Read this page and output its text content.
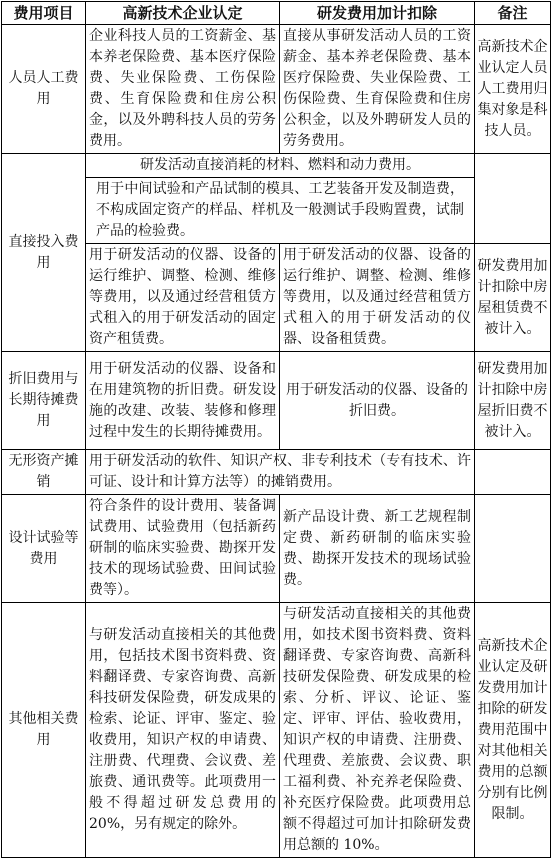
费用项目	高新技术企业认定	研发费用加计扣除	备注
人员人工费用	企业科技人员的工资薪金、基本养老保险费、基本医疗保险费、失业保险费、工伤保险费、生育保险费和住房公积金，以及外聘科技人员的劳务费用。	直接从事研发活动人员的工资薪金、基本养老保险费、基本医疗保险费、失业保险费、工伤保险费、生育保险费和住房公积金，以及外聘研发人员的劳务费用。	高新技术企业认定人员人工费用归集对象是科技人员。
直接投入费用	研发活动直接消耗的材料、燃料和动力费用。		
	用于中间试验和产品试制的模具、工艺装备开发及制造费，不构成固定资产的样品、样机及一般测试手段购置费，试制产品的检验费。		
	用于研发活动的仪器、设备的运行维护、调整、检测、维修等费用，以及通过经营租赁方式租入的用于研发活动的固定资产租赁费。	用于研发活动的仪器、设备的运行维护、调整、检测、维修等费用，以及通过经营租赁方式租入的用于研发活动的仪器、设备租赁费。	研发费用加计扣除中房屋租赁费不被计入。
折旧费用与长期待摊费用	用于研发活动的仪器、设备和在用建筑物的折旧费。研发设施的改建、改装、装修和修理过程中发生的长期待摊费用。	用于研发活动的仪器、设备的折旧费。	研发费用加计扣除中房屋折旧费不被计入。
无形资产摊销	用于研发活动的软件、知识产权、非专利技术（专有技术、许可证、设计和计算方法等）的摊销费用。		
设计试验等费用	符合条件的设计费用、装备调试费用、试验费用（包括新药研制的临床实验费、勘探开发技术的现场试验费、田间试验费等）。	新产品设计费、新工艺规程制定费、新药研制的临床实验费、勘探开发技术的现场试验费。	
其他相关费用	与研发活动直接相关的其他费用，包括技术图书资料费、资料翻译费、专家咨询费、高新科技研发保险费，研发成果的检索、论证、评审、鉴定、验收费用，知识产权的申请费、注册费、代理费、会议费、差旅费、通讯费等。此项费用一般不得超过研发总费用的 20%，另有规定的除外。	与研发活动直接相关的其他费用，如技术图书资料费、资料翻译费、专家咨询费、高新科技研发保险费、研发成果的检索、分析、评议、论证、鉴定、评审、评估、验收费用，知识产权的申请费、注册费、代理费、差旅费、会议费、职工福利费、补充养老保险费、补充医疗保险费。此项费用总额不得超过可加计扣除研发费用总额的 10%。	高新技术企业认定及研发费用加计扣除的研发费用范围中对其他相关费用的总额分别有比例限制。
